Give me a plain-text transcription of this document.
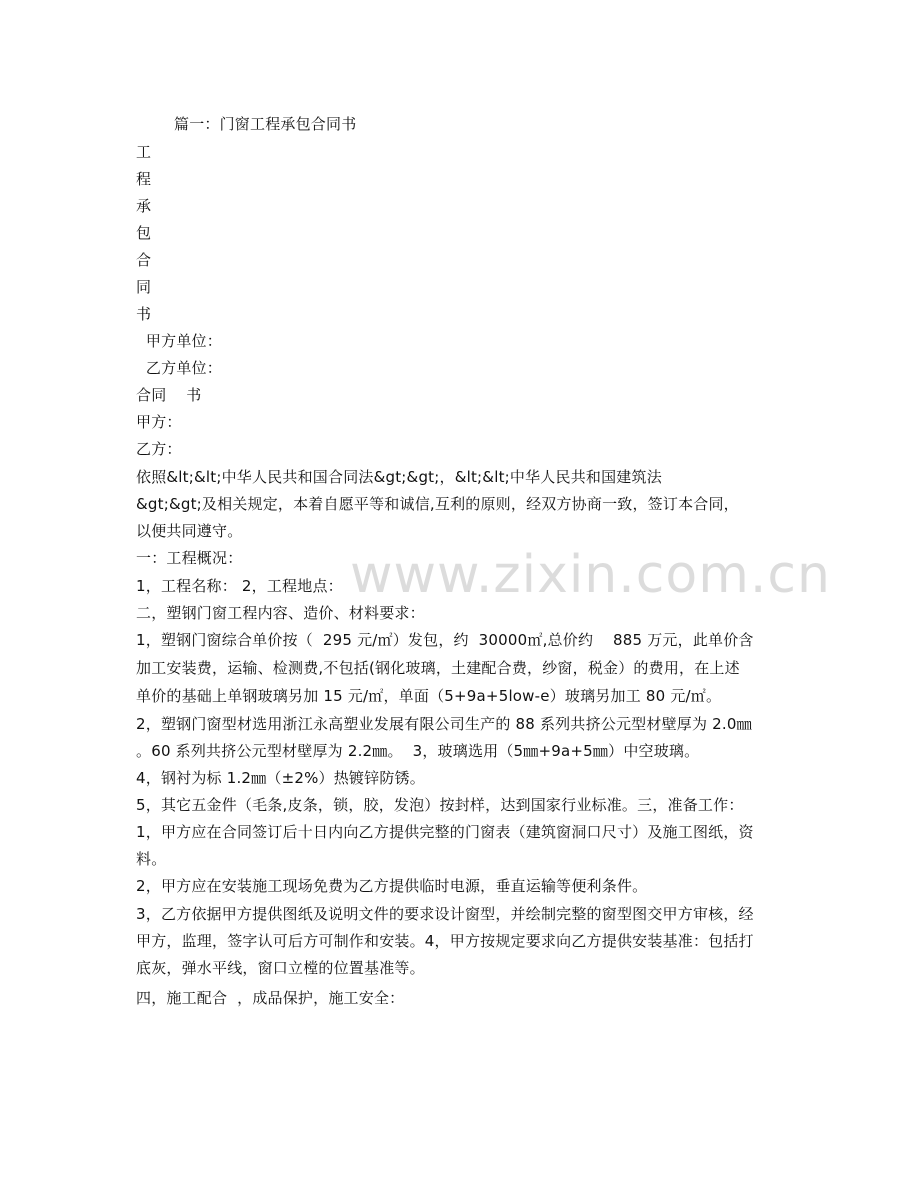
www.zixin.com.cn
篇一：门窗工程承包合同书
工
程
承
包
合
同
书
甲方单位：
乙方单位：
合同    书
甲方：
乙方：
依照&lt;&lt;中华人民共和国合同法&gt;&gt;，&lt;&lt;中华人民共和国建筑法
&gt;&gt;及相关规定，本着自愿平等和诚信,互利的原则，经双方协商一致，签订本合同，
以便共同遵守。
一：工程概况：
1，工程名称： 2，工程地点：
二，塑钢门窗工程内容、造价、材料要求：
1，塑钢门窗综合单价按（  295 元/㎡）发包，约  30000㎡,总价约    885 万元，此单价含
加工安装费，运输、检测费,不包括(钢化玻璃，土建配合费，纱窗，税金）的费用，在上述
单价的基础上单钢玻璃另加 15 元/㎡，单面（5+9a+5low-e）玻璃另加工 80 元/㎡。
2，塑钢门窗型材选用浙江永高塑业发展有限公司生产的 88 系列共挤公元型材壁厚为 2.0㎜
。60 系列共挤公元型材壁厚为 2.2㎜。  3，玻璃选用（5㎜+9a+5㎜）中空玻璃。
4，钢衬为标 1.2㎜（±2%）热镀锌防锈。
5，其它五金件（毛条,皮条，锁，胶，发泡）按封样，达到国家行业标准。三，准备工作：
1，甲方应在合同签订后十日内向乙方提供完整的门窗表（建筑窗洞口尺寸）及施工图纸，资
料。
2，甲方应在安装施工现场免费为乙方提供临时电源，垂直运输等便利条件。
3，乙方依据甲方提供图纸及说明文件的要求设计窗型，并绘制完整的窗型图交甲方审核，经
甲方，监理，签字认可后方可制作和安装。4，甲方按规定要求向乙方提供安装基准：包括打
底灰，弹水平线，窗口立樘的位置基准等。
四，施工配合  ，成品保护，施工安全：
